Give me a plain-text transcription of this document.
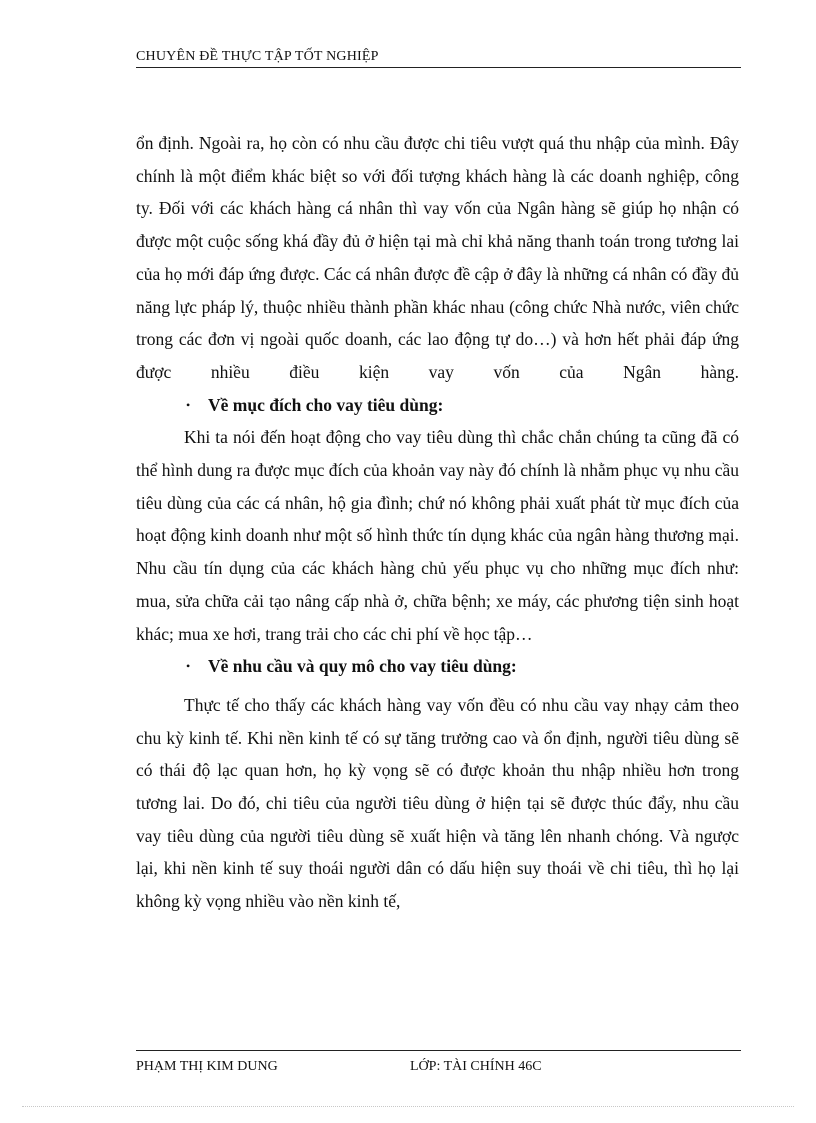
CHUYÊN ĐỀ THỰC TẬP TỐT NGHIỆP

ổn định. Ngoài ra, họ còn có nhu cầu được chi tiêu vượt quá thu nhập của mình. Đây chính là một điểm khác biệt so với đối tượng khách hàng là các doanh nghiệp, công ty. Đối với các khách hàng cá nhân thì vay vốn của Ngân hàng sẽ giúp họ nhận có được một cuộc sống khá đầy đủ ở hiện tại mà chỉ khả năng thanh toán trong tương lai của họ mới đáp ứng được. Các cá nhân được đề cập ở đây là những cá nhân có đầy đủ năng lực pháp lý, thuộc nhiều thành phần khác nhau (công chức Nhà nước, viên chức trong các đơn vị ngoài quốc doanh, các lao động tự do…) và hơn hết phải đáp ứng được nhiều điều kiện vay vốn của Ngân hàng.

• Về mục đích cho vay tiêu dùng:

Khi ta nói đến hoạt động cho vay tiêu dùng thì chắc chắn chúng ta cũng đã có thể hình dung ra được mục đích của khoản vay này đó chính là nhằm phục vụ nhu cầu tiêu dùng của các cá nhân, hộ gia đình; chứ nó không phải xuất phát từ mục đích của hoạt động kinh doanh như một số hình thức tín dụng khác của ngân hàng thương mại. Nhu cầu tín dụng của các khách hàng chủ yếu phục vụ cho những mục đích như: mua, sửa chữa cải tạo nâng cấp nhà ở, chữa bệnh; xe máy, các phương tiện sinh hoạt khác; mua xe hơi, trang trải cho các chi phí về học tập…

• Về nhu cầu và quy mô cho vay tiêu dùng:

Thực tế cho thấy các khách hàng vay vốn đều có nhu cầu vay nhạy cảm theo chu kỳ kinh tế. Khi nền kinh tế có sự tăng trưởng cao và ổn định, người tiêu dùng sẽ có thái độ lạc quan hơn, họ kỳ vọng sẽ có được khoản thu nhập nhiều hơn trong tương lai. Do đó, chi tiêu của người tiêu dùng ở hiện tại sẽ được thúc đẩy, nhu cầu vay tiêu dùng của người tiêu dùng sẽ xuất hiện và tăng lên nhanh chóng. Và ngược lại, khi nền kinh tế suy thoái người dân có dấu hiện suy thoái về chi tiêu, thì họ lại không kỳ vọng nhiều vào nền kinh tế,

PHẠM THỊ KIM DUNG	LỚP: TÀI CHÍNH 46C
